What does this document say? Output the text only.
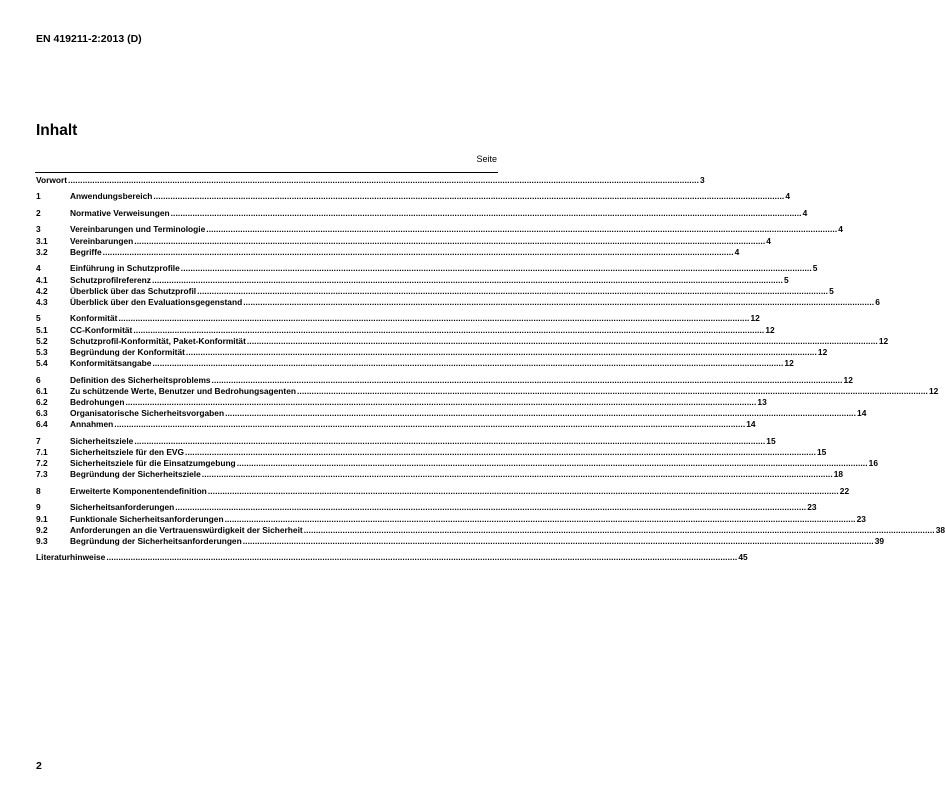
EN 419211-2:2013 (D)
Inhalt
Seite
Vorwort .................................................................................................................................................................................................................................................................... 3
1	Anwendungsbereich .................................................................................................................................................................................................................................................................... 4
2	Normative Verweisungen .................................................................................................................................................................................................................................................................... 4
3	Vereinbarungen und Terminologie .................................................................................................................................................................................................................................................................... 4
3.1	Vereinbarungen .................................................................................................................................................................................................................................................................... 4
3.2	Begriffe .................................................................................................................................................................................................................................................................... 4
4	Einführung in Schutzprofile .................................................................................................................................................................................................................................................................... 5
4.1	Schutzprofilreferenz .................................................................................................................................................................................................................................................................... 5
4.2	Überblick über das Schutzprofil .................................................................................................................................................................................................................................................................... 5
4.3	Überblick über den Evaluationsgegenstand .................................................................................................................................................................................................................................................................... 6
5	Konformität .................................................................................................................................................................................................................................................................... 12
5.1	CC-Konformität .................................................................................................................................................................................................................................................................... 12
5.2	Schutzprofil-Konformität, Paket-Konformität .................................................................................................................................................................................................................................................................... 12
5.3	Begründung der Konformität .................................................................................................................................................................................................................................................................... 12
5.4	Konformitätsangabe .................................................................................................................................................................................................................................................................... 12
6	Definition des Sicherheitsproblems .................................................................................................................................................................................................................................................................... 12
6.1	Zu schützende Werte, Benutzer und Bedrohungsagenten .................................................................................................................................................................................................................................................................... 12
6.2	Bedrohungen .................................................................................................................................................................................................................................................................... 13
6.3	Organisatorische Sicherheitsvorgaben .................................................................................................................................................................................................................................................................... 14
6.4	Annahmen .................................................................................................................................................................................................................................................................... 14
7	Sicherheitsziele .................................................................................................................................................................................................................................................................... 15
7.1	Sicherheitsziele für den EVG .................................................................................................................................................................................................................................................................... 15
7.2	Sicherheitsziele für die Einsatzumgebung .................................................................................................................................................................................................................................................................... 16
7.3	Begründung der Sicherheitsziele .................................................................................................................................................................................................................................................................... 18
8	Erweiterte Komponentendefinition .................................................................................................................................................................................................................................................................... 22
9	Sicherheitsanforderungen .................................................................................................................................................................................................................................................................... 23
9.1	Funktionale Sicherheitsanforderungen .................................................................................................................................................................................................................................................................... 23
9.2	Anforderungen an die Vertrauenswürdigkeit der Sicherheit .................................................................................................................................................................................................................................................................... 38
9.3	Begründung der Sicherheitsanforderungen .................................................................................................................................................................................................................................................................... 39
Literaturhinweise .................................................................................................................................................................................................................................................................... 45
2
